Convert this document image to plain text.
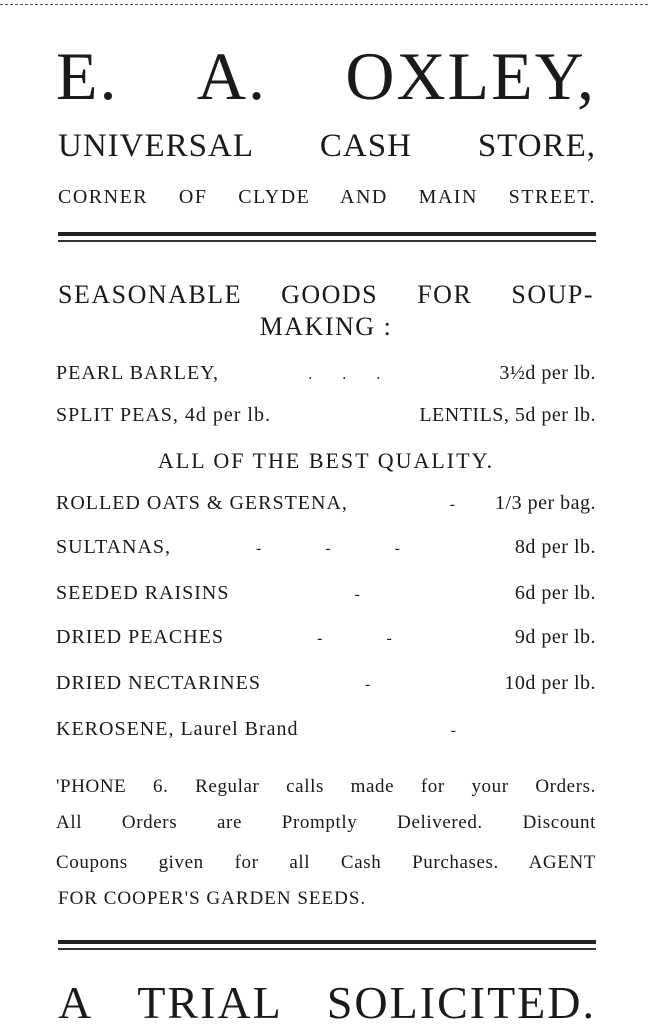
E. A. OXLEY,
UNIVERSAL CASH STORE,
CORNER OF CLYDE AND MAIN STREET.
SEASONABLE GOODS FOR SOUP-
MAKING :
PEARL BARLEY,	...	3½d per lb.
SPLIT PEAS, 4d per lb.	LENTILS, 5d per lb.
ALL OF THE BEST QUALITY.
ROLLED OATS & GERSTENA,	- 1/3 per bag.
SULTANAS,	- - -	8d per lb.
SEEDED RAISINS	-	6d per lb.
DRIED PEACHES	- -	9d per lb.
DRIED NECTARINES	-	10d per lb.
KEROSENE, Laurel Brand	-
'PHONE 6. Regular calls made for your Orders.
All Orders are Promptly Delivered. Discount
Coupons given for all Cash Purchases. AGENT
FOR COOPER'S GARDEN SEEDS.
A TRIAL SOLICITED.
